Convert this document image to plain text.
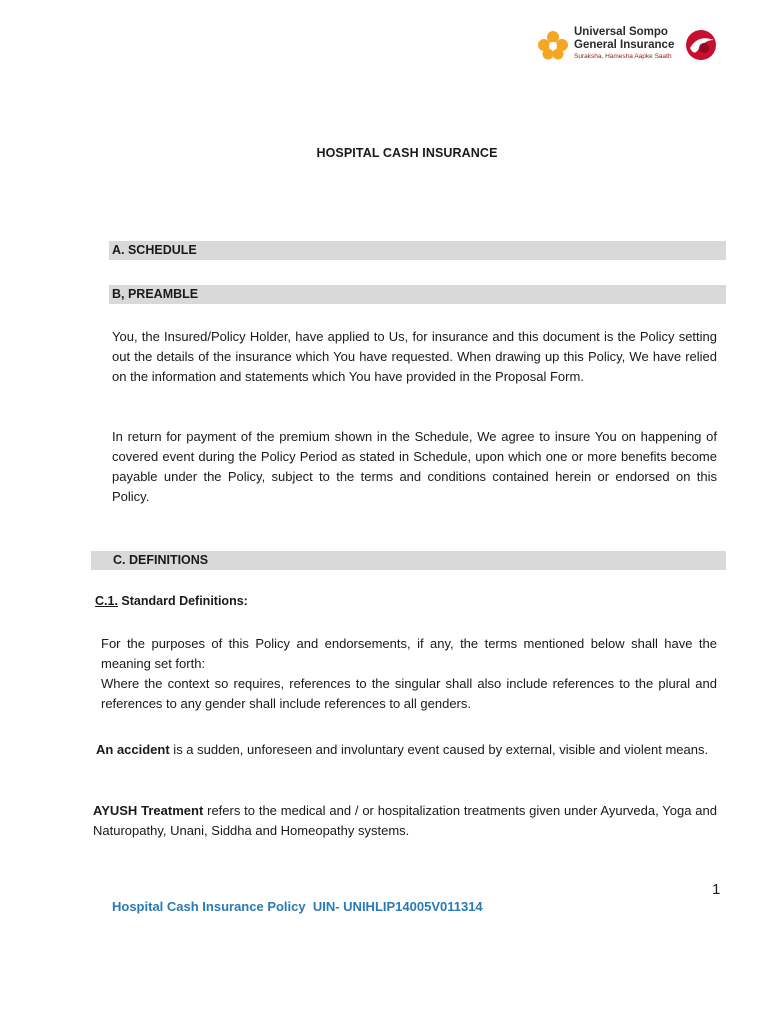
Universal Sompo
General Insurance
Suraksha, Hamesha Aapke Saath
HOSPITAL CASH INSURANCE
A. SCHEDULE
B, PREAMBLE
You, the Insured/Policy Holder, have applied to Us, for insurance and this document is the Policy setting out the details of the insurance which You have requested. When drawing up this Policy, We have relied on the information and statements which You have provided in the Proposal Form.
In return for payment of the premium shown in the Schedule, We agree to insure You on happening of covered event during the Policy Period as stated in Schedule, upon which one or more benefits become payable under the Policy, subject to the terms and conditions contained herein or endorsed on this Policy.
C. DEFINITIONS
C.1. Standard Definitions:
For the purposes of this Policy and endorsements, if any, the terms mentioned below shall have the meaning set forth:
Where the context so requires, references to the singular shall also include references to the plural and references to any gender shall include references to all genders.
An accident is a sudden, unforeseen and involuntary event caused by external, visible and violent means.
AYUSH Treatment refers to the medical and / or hospitalization treatments given under Ayurveda, Yoga and Naturopathy, Unani, Siddha and Homeopathy systems.
1
Hospital Cash Insurance Policy  UIN- UNIHLIP14005V011314
